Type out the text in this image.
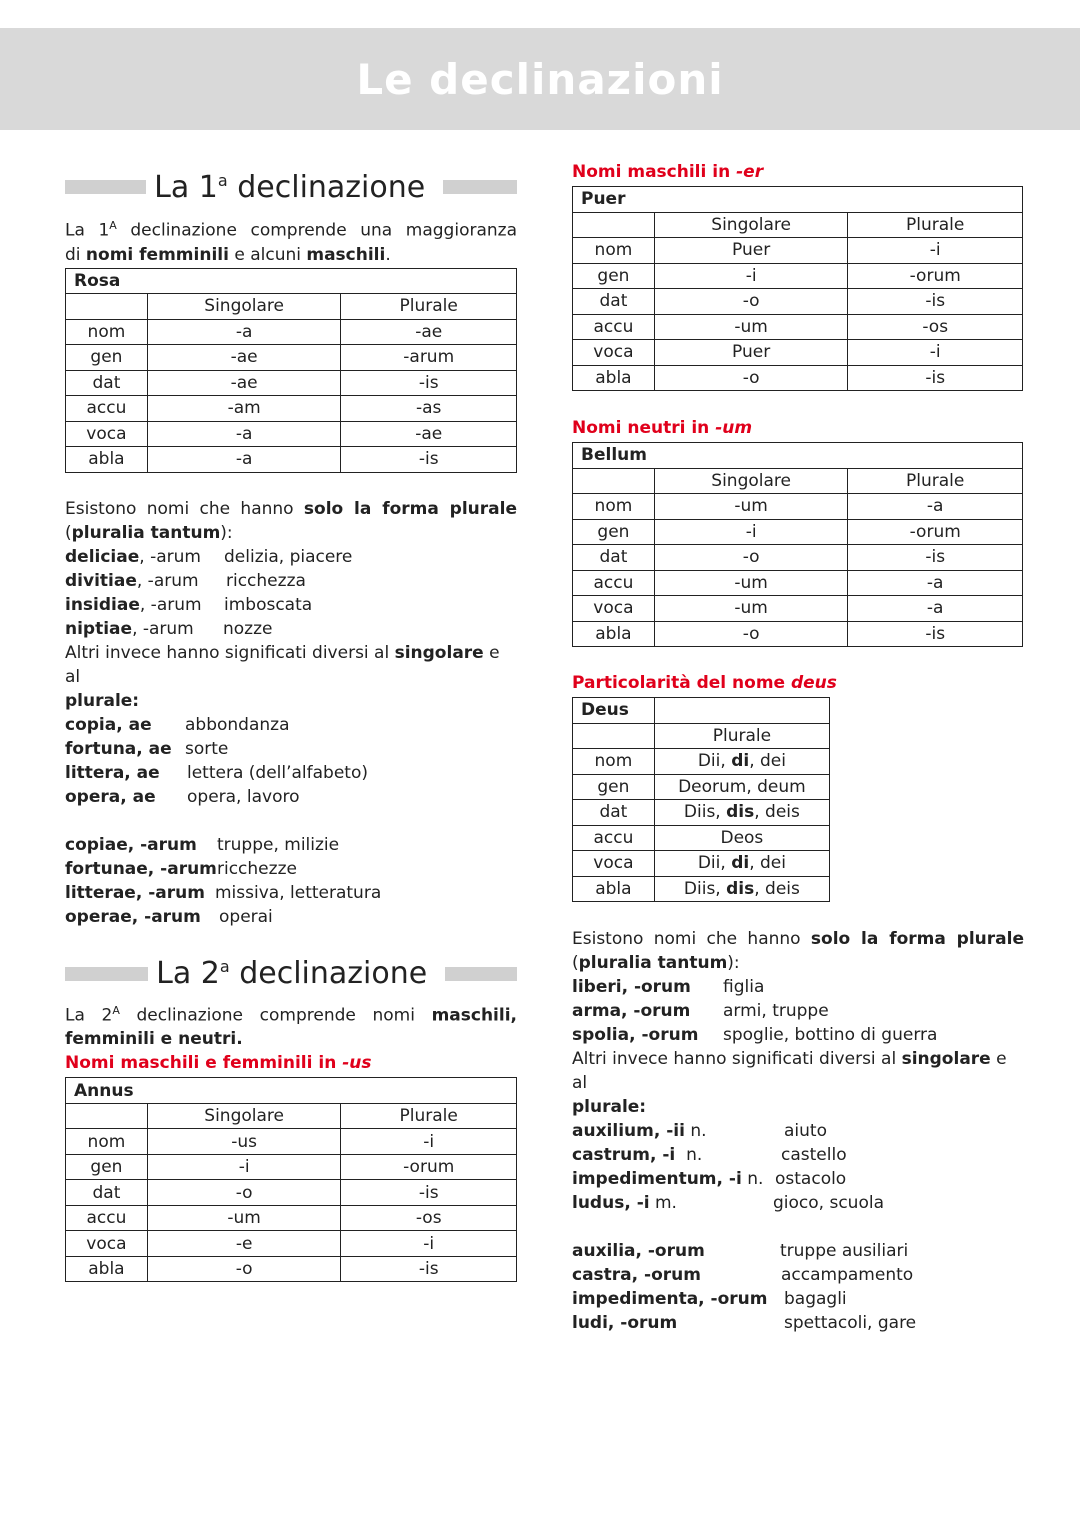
Le declinazioni
La 1$^a$ declinazione

La $1^A$ declinazione comprende una maggioranza

di nomi femminili e alcuni maschili.

Rosa		
	Singolare	Plurale
nom	-a	-ae
gen	-ae	-arum
dat	-ae	-is
accu	-am	-as
voca	-a	-ae
abla	-a	-is

Esistono nomi che hanno solo la forma plurale

(pluralia tantum):

deliciae, -arum	delizia, piacere
divitiae, -arum	ricchezza
insidiae, -arum	imboscata
niptiae, -arum	nozze

Altri invece hanno significati diversi al singolare e al

plurale:

copia, ae	abbondanza
fortuna, ae sorte
littera, ae	lettera (dell’alfabeto)
opera, ae	opera, lavoro
copiae, -arum	truppe, milizie
fortunae, -arum ricchezze
litterae, -arum missiva, letteratura
operae, -arum	operai
La 2$^a$ declinazione

La $2^A$ declinazione comprende nomi maschili,

femminili e neutri.

Nomi maschili e femminili in -us
Annus		
	Singolare	Plurale
nom	-us	-i
gen	-i	-orum
dat	-o	-is
accu	-um	-os
voca	-e	-i
abla	-o	-is
Nomi maschili in -er
Puer		
	Singolare	Plurale
nom	Puer	-i
gen	-i	-orum
dat	-o	-is
accu	-um	-os
voca	Puer	-i
abla	-o	-is
Nomi neutri in -um
Bellum		
	Singolare	Plurale
nom	-um	-a
gen	-i	-orum
dat	-o	-is
accu	-um	-a
voca	-um	-a
abla	-o	-is
Particolarità del nome deus
Deus	
	Plurale
nom	Dii, di, dei
gen	Deorum, deum
dat	Diis, dis, deis
accu	Deos
voca	Dii, di, dei
abla	Diis, dis, deis

Esistono nomi che hanno solo la forma plurale

(pluralia tantum):

liberi, -orum	figlia
arma, -orum	armi, truppe
spolia, -orum	spoglie, bottino di guerra

Altri invece hanno significati diversi al singolare e al

plurale:

auxilium, -ii n.	aiuto
castrum, -i  n.	castello
impedimentum, -i n. ostacolo
ludus, -i m.	gioco, scuola
auxilia, -orum	truppe ausiliari
castra, -orum	accampamento
impedimenta, -orum bagagli
ludi, -orum	spettacoli, gare
